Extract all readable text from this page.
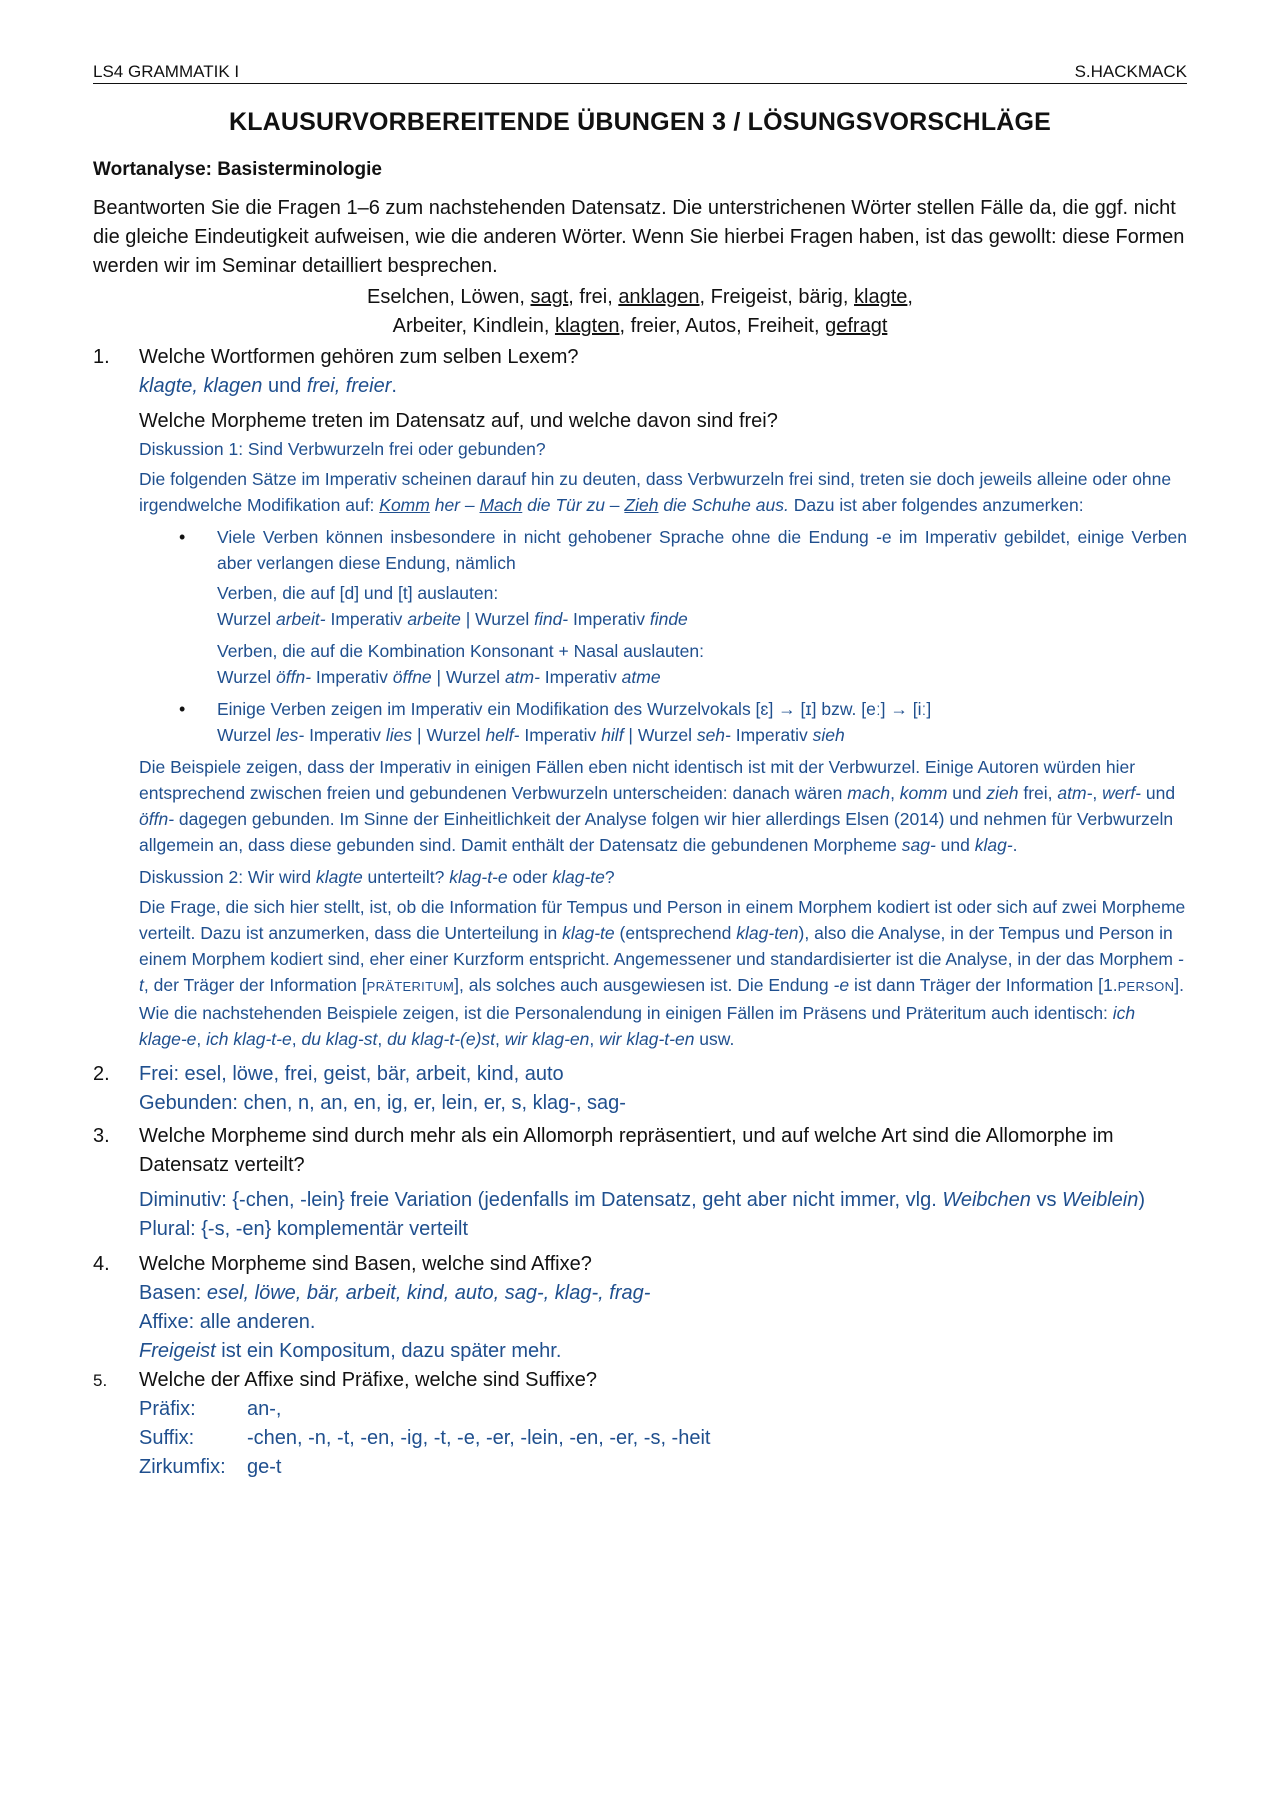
LS4 GRAMMATIK I	S.HACKMACK
KLAUSURVORBEREITENDE ÜBUNGEN 3 / LÖSUNGSVORSCHLÄGE
Wortanalyse: Basisterminologie
Beantworten Sie die Fragen 1–6 zum nachstehenden Datensatz. Die unterstrichenen Wörter stellen Fälle da, die ggf. nicht die gleiche Eindeutigkeit aufweisen, wie die anderen Wörter. Wenn Sie hierbei Fragen haben, ist das gewollt: diese Formen werden wir im Seminar detailliert besprechen.
Eselchen, Löwen, sagt, frei, anklagen, Freigeist, bärig, klagte,
Arbeiter, Kindlein, klagten, freier, Autos, Freiheit, gefragt
1.	Welche Wortformen gehören zum selben Lexem?
klagte, klagen und frei, freier.
Welche Morpheme treten im Datensatz auf, und welche davon sind frei?
Diskussion 1: Sind Verbwurzeln frei oder gebunden?
Die folgenden Sätze im Imperativ scheinen darauf hin zu deuten, dass Verbwurzeln frei sind, treten sie doch jeweils alleine oder ohne irgendwelche Modifikation auf: Komm her – Mach die Tür zu – Zieh die Schuhe aus. Dazu ist aber folgendes anzumerken:
• Viele Verben können insbesondere in nicht gehobener Sprache ohne die Endung -e im Imperativ gebildet, einige Verben aber verlangen diese Endung, nämlich
Verben, die auf [d] und [t] auslauten:
Wurzel arbeit- Imperativ arbeite | Wurzel find- Imperativ finde
Verben, die auf die Kombination Konsonant + Nasal auslauten:
Wurzel öffn- Imperativ öffne | Wurzel atm- Imperativ atme
• Einige Verben zeigen im Imperativ ein Modifikation des Wurzelvokals [ɛ] → [ɪ] bzw. [eː] → [iː]
Wurzel les- Imperativ lies | Wurzel helf- Imperativ hilf | Wurzel seh- Imperativ sieh
Die Beispiele zeigen, dass der Imperativ in einigen Fällen eben nicht identisch ist mit der Verbwurzel. Einige Autoren würden hier entsprechend zwischen freien und gebundenen Verbwurzeln unterscheiden: danach wären mach, komm und zieh frei, atm-, werf- und öffn- dagegen gebunden. Im Sinne der Einheitlichkeit der Analyse folgen wir hier allerdings Elsen (2014) und nehmen für Verbwurzeln allgemein an, dass diese gebunden sind. Damit enthält der Datensatz die gebundenen Morpheme sag- und klag-.
Diskussion 2: Wir wird klagte unterteilt? klag-t-e oder klag-te?
Die Frage, die sich hier stellt, ist, ob die Information für Tempus und Person in einem Morphem kodiert ist oder sich auf zwei Morpheme verteilt. Dazu ist anzumerken, dass die Unterteilung in klag-te (entsprechend klag-ten), also die Analyse, in der Tempus und Person in einem Morphem kodiert sind, eher einer Kurzform entspricht. Angemessener und standardisierter ist die Analyse, in der das Morphem -t, der Träger der Information [PRÄTERITUM], als solches auch ausgewiesen ist. Die Endung -e ist dann Träger der Information [1.PERSON]. Wie die nachstehenden Beispiele zeigen, ist die Personalendung in einigen Fällen im Präsens und Präteritum auch identisch: ich klage-e, ich klag-t-e, du klag-st, du klag-t-(e)st, wir klag-en, wir klag-t-en usw.
2.	Frei: esel, löwe, frei, geist, bär, arbeit, kind, auto
Gebunden: chen, n, an, en, ig, er, lein, er, s, klag-, sag-
3.	Welche Morpheme sind durch mehr als ein Allomorph repräsentiert, und auf welche Art sind die Allomorphe im Datensatz verteilt?
Diminutiv: {-chen, -lein} freie Variation (jedenfalls im Datensatz, geht aber nicht immer, vlg. Weibchen vs Weiblein)
Plural: {-s, -en} komplementär verteilt
4.	Welche Morpheme sind Basen, welche sind Affixe?
Basen: esel, löwe, bär, arbeit, kind, auto, sag-, klag-, frag-
Affixe: alle anderen.
Freigeist ist ein Kompositum, dazu später mehr.
5.	Welche der Affixe sind Präfixe, welche sind Suffixe?
Präfix:	an-,
Suffix:	-chen, -n, -t, -en, -ig, -t, -e, -er, -lein, -en, -er, -s, -heit
Zirkumfix:	ge-t
